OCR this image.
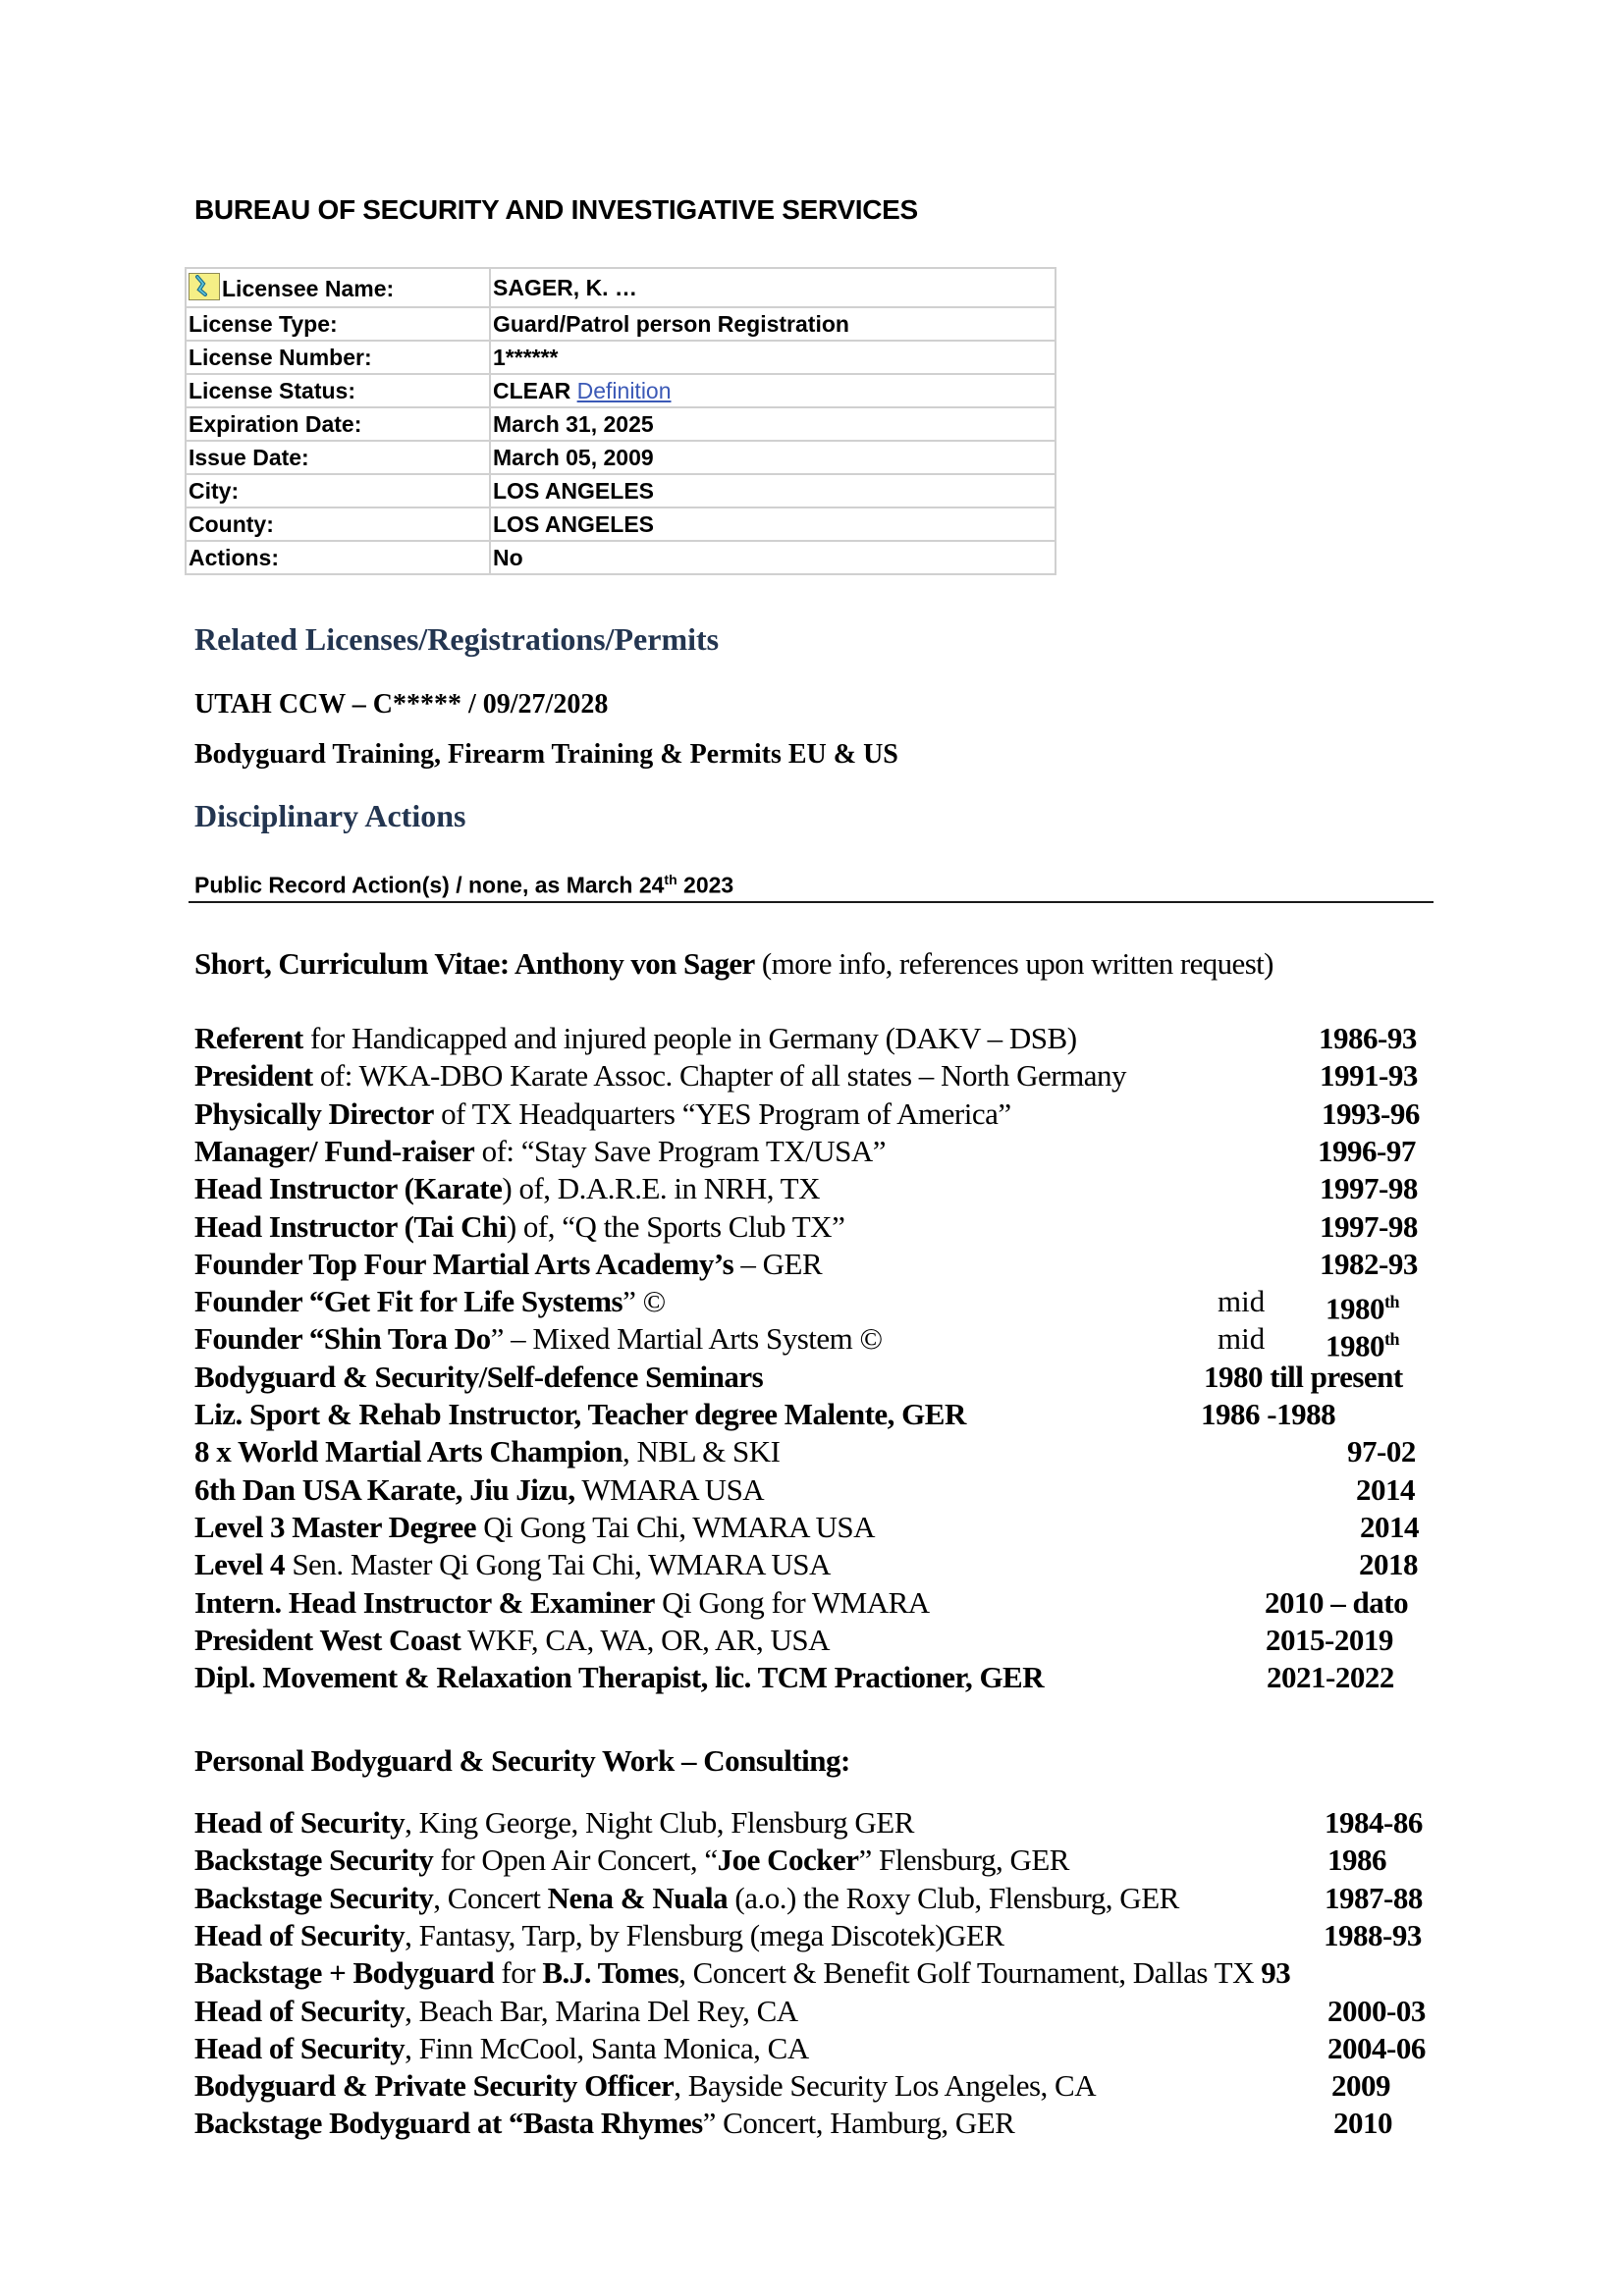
BUREAU OF SECURITY AND INVESTIGATIVE SERVICES
Licensee Name:	SAGER, K. …
License Type:	Guard/Patrol person Registration
License Number:	1******
License Status:	CLEAR Definition
Expiration Date:	March 31, 2025
Issue Date:	March 05, 2009
City:	LOS ANGELES
County:	LOS ANGELES
Actions:	No
Related Licenses/Registrations/Permits
UTAH CCW – C***** / 09/27/2028
Bodyguard Training, Firearm Training & Permits EU & US
Disciplinary Actions
Public Record Action(s) / none, as March 24th 2023
Short, Curriculum Vitae: Anthony von Sager (more info, references upon written request)
Referent for Handicapped and injured people in Germany (DAKV – DSB)	1986-93
President of: WKA-DBO Karate Assoc. Chapter of all states – North Germany	1991-93
Physically Director of TX Headquarters “YES Program of America”	1993-96
Manager/ Fund-raiser of: “Stay Save Program TX/USA”	1996-97
Head Instructor (Karate) of, D.A.R.E. in NRH, TX	1997-98
Head Instructor (Tai Chi) of, “Q the Sports Club TX”	1997-98
Founder Top Four Martial Arts Academy’s – GER	1982-93
Founder “Get Fit for Life Systems” ©	mid 1980th
Founder “Shin Tora Do” – Mixed Martial Arts System ©	mid 1980th
Bodyguard & Security/Self-defence Seminars	1980 till present
Liz. Sport & Rehab Instructor, Teacher degree Malente, GER	1986 -1988
8 x World Martial Arts Champion, NBL & SKI	97-02
6th Dan USA Karate, Jiu Jizu, WMARA USA	2014
Level 3 Master Degree Qi Gong Tai Chi, WMARA USA	2014
Level 4 Sen. Master Qi Gong Tai Chi, WMARA USA	2018
Intern. Head Instructor & Examiner Qi Gong for WMARA	2010 – dato
President West Coast WKF, CA, WA, OR, AR, USA	2015-2019
Dipl. Movement & Relaxation Therapist, lic. TCM Practioner, GER	2021-2022
Personal Bodyguard & Security Work – Consulting:
Head of Security, King George, Night Club, Flensburg GER	1984-86
Backstage Security for Open Air Concert, “Joe Cocker” Flensburg, GER	1986
Backstage Security, Concert Nena & Nuala (a.o.) the Roxy Club, Flensburg, GER	1987-88
Head of Security, Fantasy, Tarp, by Flensburg (mega Discotek)GER	1988-93
Backstage + Bodyguard for B.J. Tomes, Concert & Benefit Golf Tournament, Dallas TX 93
Head of Security, Beach Bar, Marina Del Rey, CA	2000-03
Head of Security, Finn McCool, Santa Monica, CA	2004-06
Bodyguard & Private Security Officer, Bayside Security Los Angeles, CA	2009
Backstage Bodyguard at “Basta Rhymes” Concert, Hamburg, GER	2010
